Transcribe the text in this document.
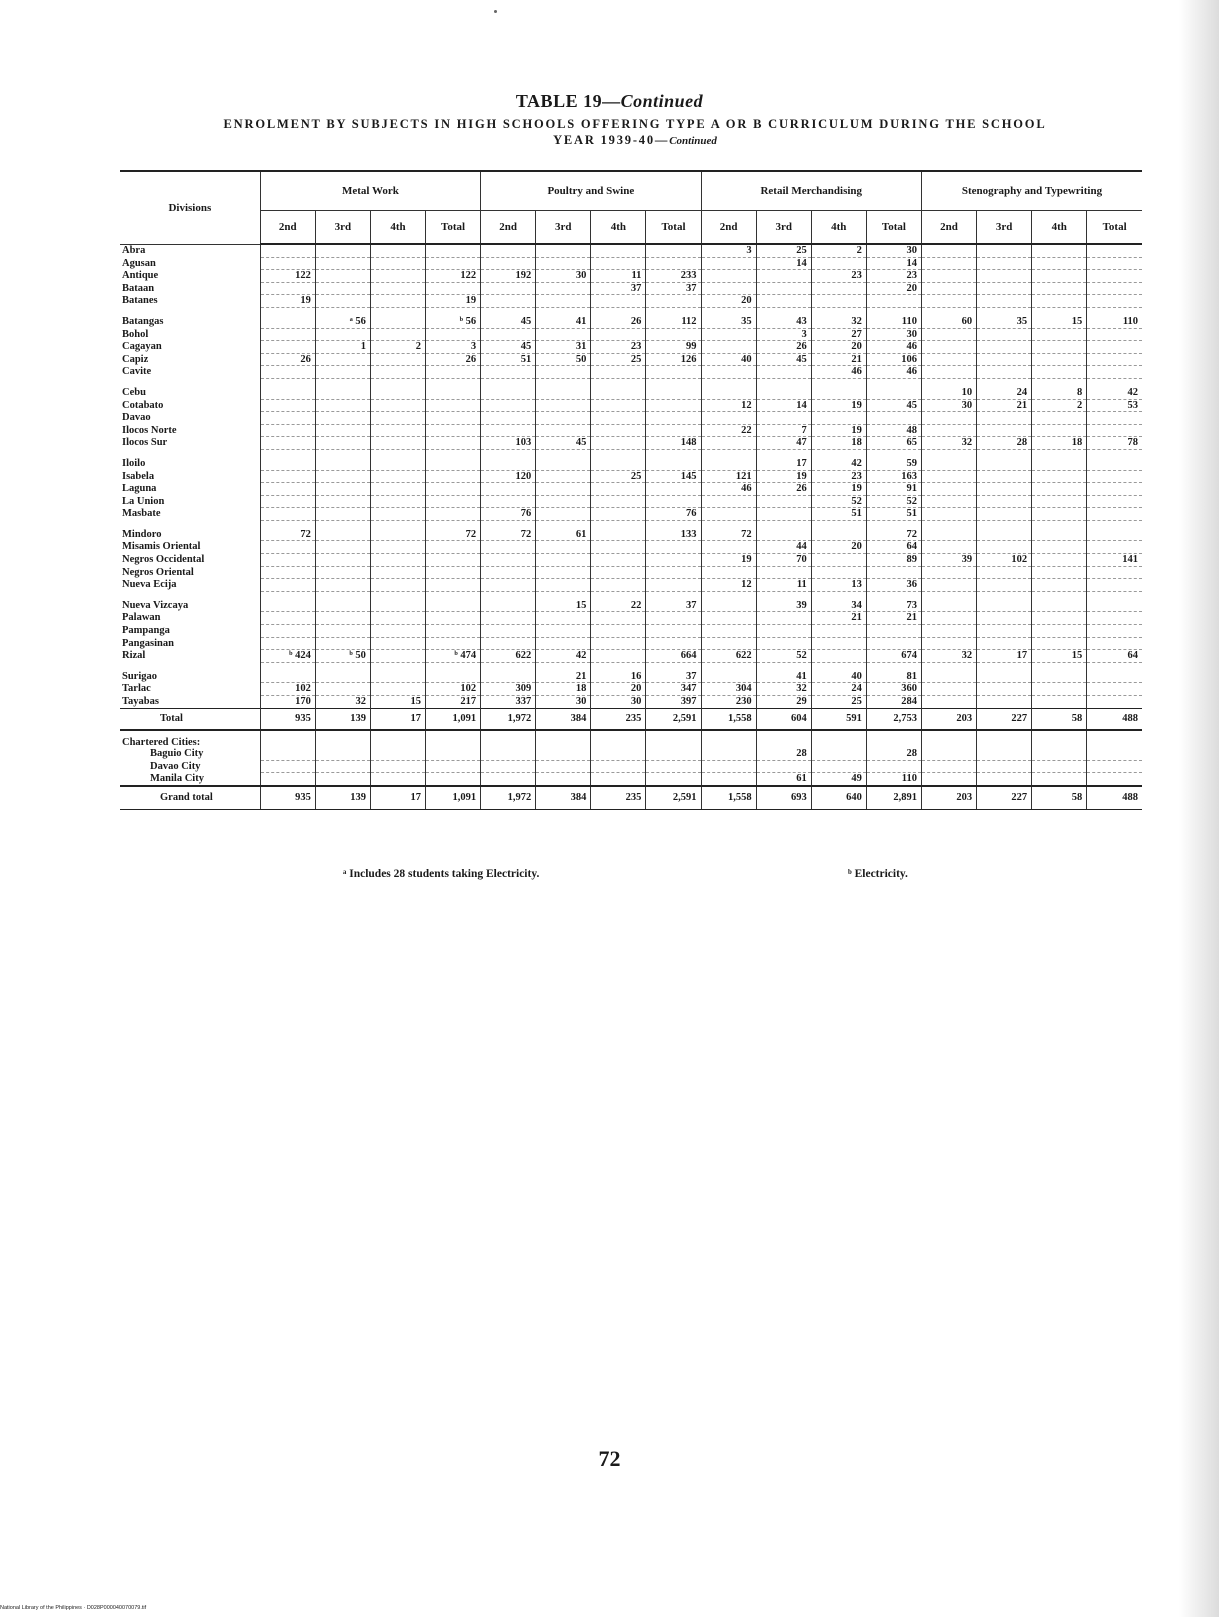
TABLE 19—Continued
ENROLMENT BY SUBJECTS IN HIGH SCHOOLS OFFERING TYPE A OR B CURRICULUM DURING THE SCHOOL
YEAR 1939-40—Continued
Divisions	Metal Work				Poultry and Swine				Retail Merchandising				Stenography and Typewriting			
	2nd	3rd	4th	Total	2nd	3rd	4th	Total	2nd	3rd	4th	Total	2nd	3rd	4th	Total
Abra									3	25	2	30				
Agusan										14		14				
Antique	122			122	192	30	11	233			23	23				
Bataan							37	37				20				
Batanes	19			19					20							

Batangas		ᵃ 56		ᵇ 56	45	41	26	112	35	43	32	110	60	35	15	110
Bohol										3	27	30				
Cagayan		1	2	3	45	31	23	99		26	20	46				
Capiz	26			26	51	50	25	126	40	45	21	106				
Cavite											46	46				

Cebu													10	24	8	42
Cotabato									12	14	19	45	30	21	2	53
Davao																
Ilocos Norte									22	7	19	48				
Ilocos Sur					103	45		148		47	18	65	32	28	18	78

Iloilo										17	42	59				
Isabela					120		25	145	121	19	23	163				
Laguna									46	26	19	91				
La Union											52	52				
Masbate					76			76			51	51				

Mindoro	72			72	72	61		133	72			72				
Misamis Oriental										44	20	64				
Negros Occidental									19	70		89	39	102		141
Negros Oriental																
Nueva Ecija									12	11	13	36				

Nueva Vizcaya						15	22	37		39	34	73				
Palawan											21	21				
Pampanga																
Pangasinan																
Rizal	ᵇ 424	ᵇ 50		ᵇ 474	622	42		664	622	52		674	32	17	15	64

Surigao						21	16	37		41	40	81				
Tarlac	102			102	309	18	20	347	304	32	24	360				
Tayabas	170	32	15	217	337	30	30	397	230	29	25	284				
Total	935	139	17	1,091	1,972	384	235	2,591	1,558	604	591	2,753	203	227	58	488
Chartered Cities:																
Baguio City										28		28				
Davao City																
Manila City										61	49	110				
Grand total	935	139	17	1,091	1,972	384	235	2,591	1,558	693	640	2,891	203	227	58	488
ᵃ Includes 28 students taking Electricity.	ᵇ Electricity.
72
National Library of the Philippines · D028P000040070079.tif
